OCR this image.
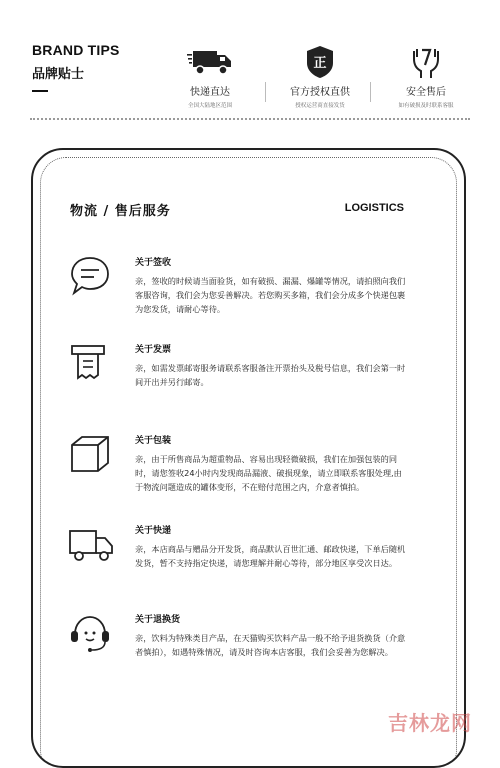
BRAND TIPS
品牌贴士
快递直达
全国大陆地区范围
正
官方授权直供
授权运营商直接发货
安全售后
如有破损及时联系客服
物流 / 售后服务	LOGISTICS
关于签收
亲，签收的时候请当面验货，如有破损、漏漏、爆罐等情况，请拍照向我们客服咨询，我们会为您妥善解决。若您购买多箱，我们会分成多个快递包裹为您发货，请耐心等待。
关于发票
亲，如需发票邮寄服务请联系客服备注开票抬头及税号信息，我们会第一时间开出并另行邮寄。
关于包装
亲，由于所售商品为超重物品、容易出现轻微破损，我们在加强包装的同时，请您签收24小时内发现商品漏液、破损现象，请立即联系客服处理,由于物流问题造成的罐体变形，不在赔付范围之内，介意者慎拍。
关于快递
亲，本店商品与赠品分开发货，商品默认百世汇通、邮政快递，下单后随机发货，暂不支持指定快递，请您理解并耐心等待，部分地区享受次日达。
关于退换货
亲，饮料为特殊类目产品，在天猫购买饮料产品一般不给予退货换货（介意者慎拍），如遇特殊情况，请及时咨询本店客服，我们会妥善为您解决。
吉林龙网
